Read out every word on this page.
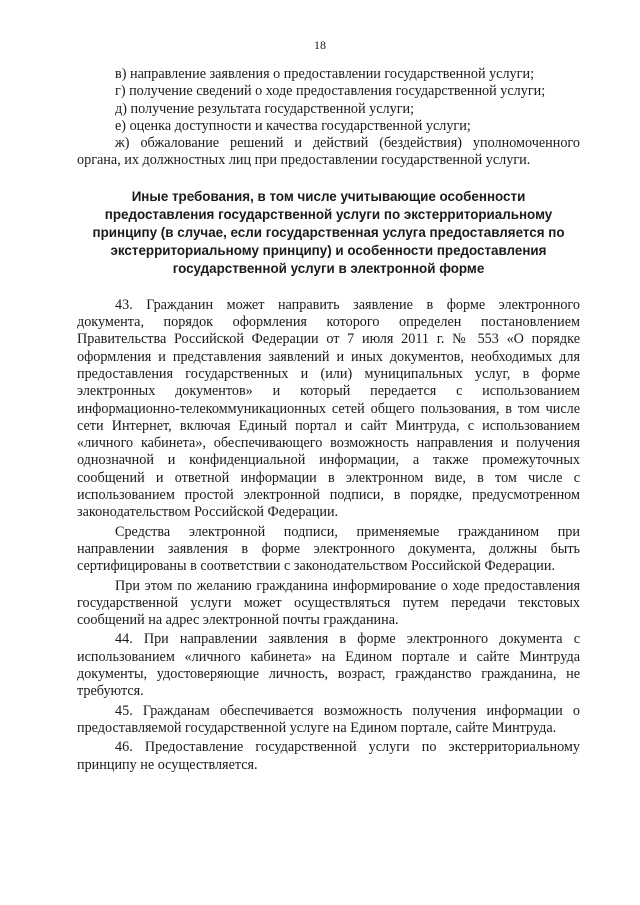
18

в) направление заявления о предоставлении государственной услуги;

г) получение сведений о ходе предоставления государственной услуги;

д) получение результата государственной услуги;

е) оценка доступности и качества государственной услуги;

ж) обжалование решений и действий (бездействия) уполномоченного органа, их должностных лиц при предоставлении государственной услуги.

Иные требования, в том числе учитывающие особенности предоставления государственной услуги по экстерриториальному принципу (в случае, если государственная услуга предоставляется по экстерриториальному принципу) и особенности предоставления государственной услуги в электронной форме

43. Гражданин может направить заявление в форме электронного документа, порядок оформления которого определен постановлением Правительства Российской Федерации от 7 июля 2011 г. № 553 «О порядке оформления и представления заявлений и иных документов, необходимых для предоставления государственных и (или) муниципальных услуг, в форме электронных документов» и который передается с использованием информационно-телекоммуникационных сетей общего пользования, в том числе сети Интернет, включая Единый портал и сайт Минтруда, с использованием «личного кабинета», обеспечивающего возможность направления и получения однозначной и конфиденциальной информации, а также промежуточных сообщений и ответной информации в электронном виде, в том числе с использованием простой электронной подписи, в порядке, предусмотренном законодательством Российской Федерации.

Средства электронной подписи, применяемые гражданином при направлении заявления в форме электронного документа, должны быть сертифицированы в соответствии с законодательством Российской Федерации.

При этом по желанию гражданина информирование о ходе предоставления государственной услуги может осуществляться путем передачи текстовых сообщений на адрес электронной почты гражданина.

44. При направлении заявления в форме электронного документа с использованием «личного кабинета» на Едином портале и сайте Минтруда документы, удостоверяющие личность, возраст, гражданство гражданина, не требуются.

45. Гражданам обеспечивается возможность получения информации о предоставляемой государственной услуге на Едином портале, сайте Минтруда.

46. Предоставление государственной услуги по экстерриториальному принципу не осуществляется.
